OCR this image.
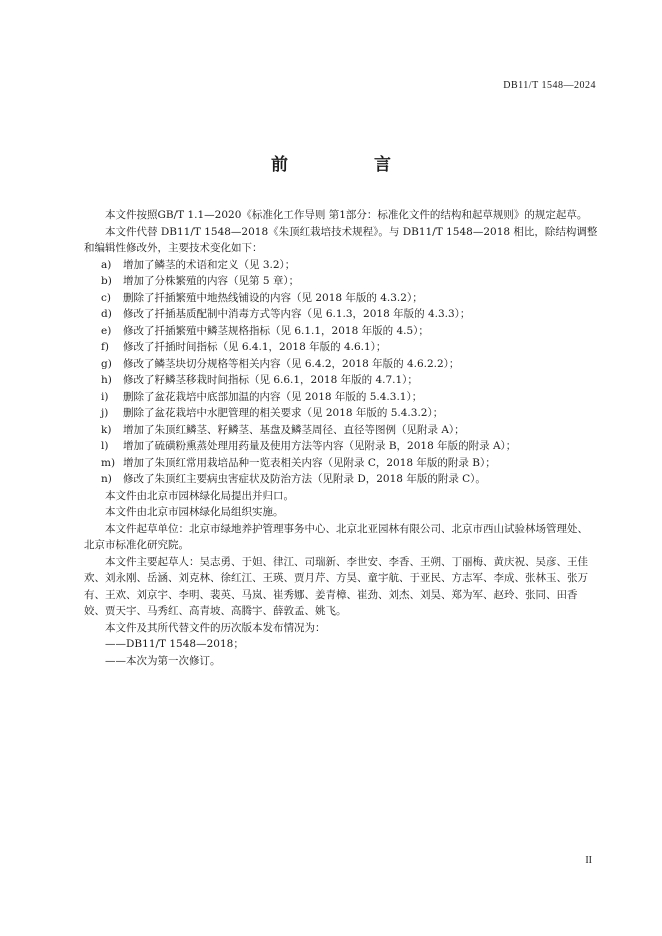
DB11/T 1548—2024
前 言

本文件按照GB/T 1.1—2020《标准化工作导则 第1部分：标准化文件的结构和起草规则》的规定起草。

本文件代替 DB11/T 1548—2018《朱顶红栽培技术规程》。与 DB11/T 1548—2018 相比，除结构调整和编辑性修改外，主要技术变化如下：

a) 增加了鳞茎的术语和定义（见 3.2）；

b) 增加了分株繁殖的内容（见第 5 章）；

c) 删除了扦插繁殖中地热线铺设的内容（见 2018 年版的 4.3.2）；

d) 修改了扦插基质配制中消毒方式等内容（见 6.1.3，2018 年版的 4.3.3）；

e) 修改了扦插繁殖中鳞茎规格指标（见 6.1.1，2018 年版的 4.5）；

f) 修改了扦插时间指标（见 6.4.1，2018 年版的 4.6.1）；

g) 修改了鳞茎块切分规格等相关内容（见 6.4.2，2018 年版的 4.6.2.2）；

h) 修改了籽鳞茎移栽时间指标（见 6.6.1，2018 年版的 4.7.1）；

i) 删除了盆花栽培中底部加温的内容（见 2018 年版的 5.4.3.1）；

j) 删除了盆花栽培中水肥管理的相关要求（见 2018 年版的 5.4.3.2）；

k) 增加了朱顶红鳞茎、籽鳞茎、基盘及鳞茎周径、直径等图例（见附录 A）；

l) 增加了硫磺粉熏蒸处理用药量及使用方法等内容（见附录 B，2018 年版的附录 A）；

m) 增加了朱顶红常用栽培品种一览表相关内容（见附录 C，2018 年版的附录 B）；

n) 修改了朱顶红主要病虫害症状及防治方法（见附录 D，2018 年版的附录 C）。

本文件由北京市园林绿化局提出并归口。

本文件由北京市园林绿化局组织实施。

本文件起草单位：北京市绿地养护管理事务中心、北京北亚园林有限公司、北京市西山试验林场管理处、北京市标准化研究院。

本文件主要起草人：吴志勇、于妲、律江、司瑞新、李世安、李香、王朔、丁丽梅、黄庆祝、吴彦、王佳欢、刘永刚、岳涵、刘克林、徐红江、王瑛、贾月芹、方昊、童宇航、于亚民、方志军、李成、张林玉、张万有、王欢、刘京宇、李明、裴英、马岚、崔秀娜、姜青樟、崔劲、刘杰、刘昊、郑为军、赵玲、张同、田香姣、贾天宇、马秀红、高青坡、高腾宇、薛敦孟、姚飞。

本文件及其所代替文件的历次版本发布情况为：

——DB11/T 1548—2018；

——本次为第一次修订。

II
